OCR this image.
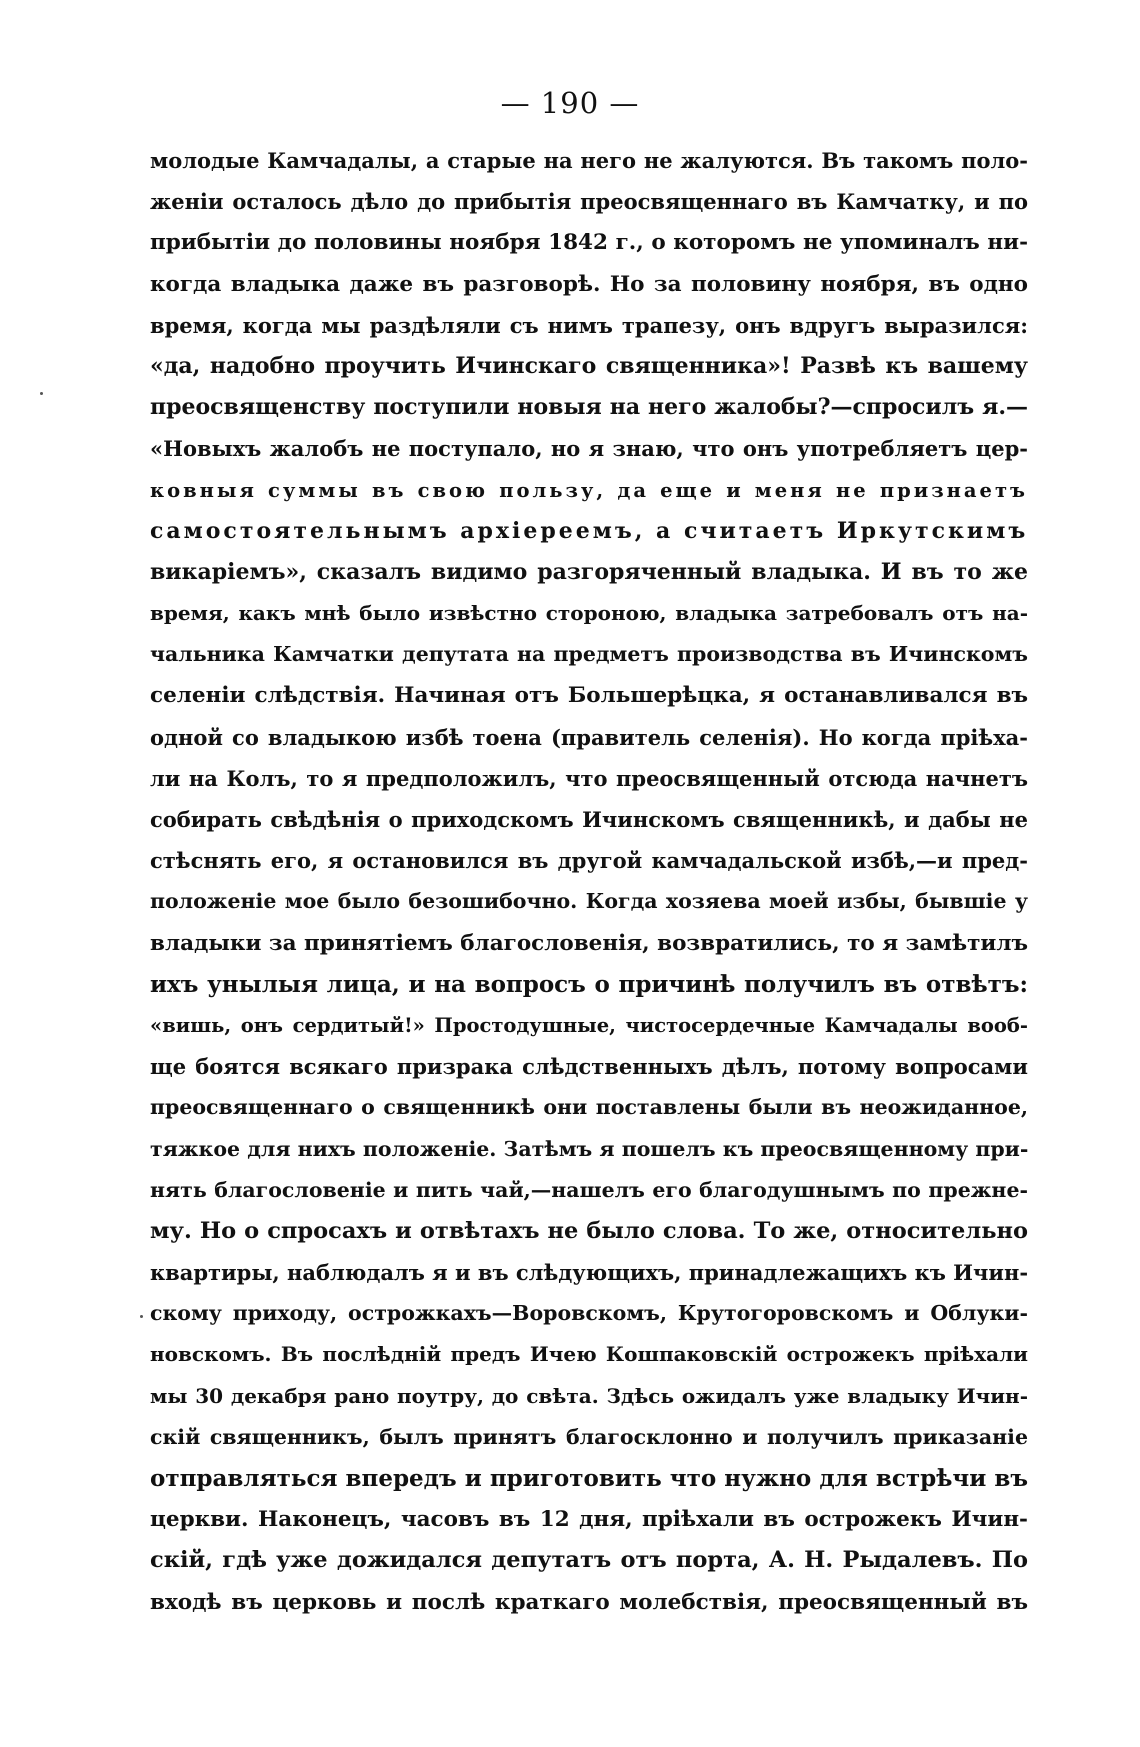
— 190 —
молодые Камчадалы, а старые на него не жалуются. Въ такомъ поло-
женіи осталось дѣло до прибытія преосвященнаго въ Камчатку, и по
прибытіи до половины ноября 1842 г., о которомъ не упоминалъ ни-
когда владыка даже въ разговорѣ. Но за половину ноября, въ одно
время, когда мы раздѣляли съ нимъ трапезу, онъ вдругъ выразился:
«да, надобно проучить Ичинскаго священника»! Развѣ къ вашему
преосвященству поступили новыя на него жалобы?—спросилъ я.—
«Новыхъ жалобъ не поступало, но я знаю, что онъ употребляетъ цер-
ковныя суммы въ свою пользу, да еще и меня не признаетъ
самостоятельнымъ архіереемъ, а считаетъ Иркутскимъ
викаріемъ», сказалъ видимо разгоряченный владыка. И въ то же
время, какъ мнѣ было извѣстно стороною, владыка затребовалъ отъ на-
чальника Камчатки депутата на предметъ производства въ Ичинскомъ
селеніи слѣдствія. Начиная отъ Большерѣцка, я останавливался въ
одной со владыкою избѣ тоена (правитель селенія). Но когда пріѣха-
ли на Колъ, то я предположилъ, что преосвященный отсюда начнетъ
собирать свѣдѣнія о приходскомъ Ичинскомъ священникѣ, и дабы не
стѣснять его, я остановился въ другой камчадальской избѣ,—и пред-
положеніе мое было безошибочно. Когда хозяева моей избы, бывшіе у
владыки за принятіемъ благословенія, возвратились, то я замѣтилъ
ихъ унылыя лица, и на вопросъ о причинѣ получилъ въ отвѣтъ:
«вишь, онъ сердитый!» Простодушные, чистосердечные Камчадалы вооб-
ще боятся всякаго призрака слѣдственныхъ дѣлъ, потому вопросами
преосвященнаго о священникѣ они поставлены были въ неожиданное,
тяжкое для нихъ положеніе. Затѣмъ я пошелъ къ преосвященному при-
нять благословеніе и пить чай,—нашелъ его благодушнымъ по прежне-
му. Но о спросахъ и отвѣтахъ не было слова. То же, относительно
квартиры, наблюдалъ я и въ слѣдующихъ, принадлежащихъ къ Ичин-
скому приходу, острожкахъ—Воровскомъ, Крутогоровскомъ и Облуки-
новскомъ. Въ послѣдній предъ Ичею Кошпаковскій острожекъ пріѣхали
мы 30 декабря рано поутру, до свѣта. Здѣсь ожидалъ уже владыку Ичин-
скій священникъ, былъ принятъ благосклонно и получилъ приказаніе
отправляться впередъ и приготовить что нужно для встрѣчи въ
церкви. Наконецъ, часовъ въ 12 дня, пріѣхали въ острожекъ Ичин-
скій, гдѣ уже дожидался депутатъ отъ порта, А. Н. Рыдалевъ. По
входѣ въ церковь и послѣ краткаго молебствія, преосвященный въ
